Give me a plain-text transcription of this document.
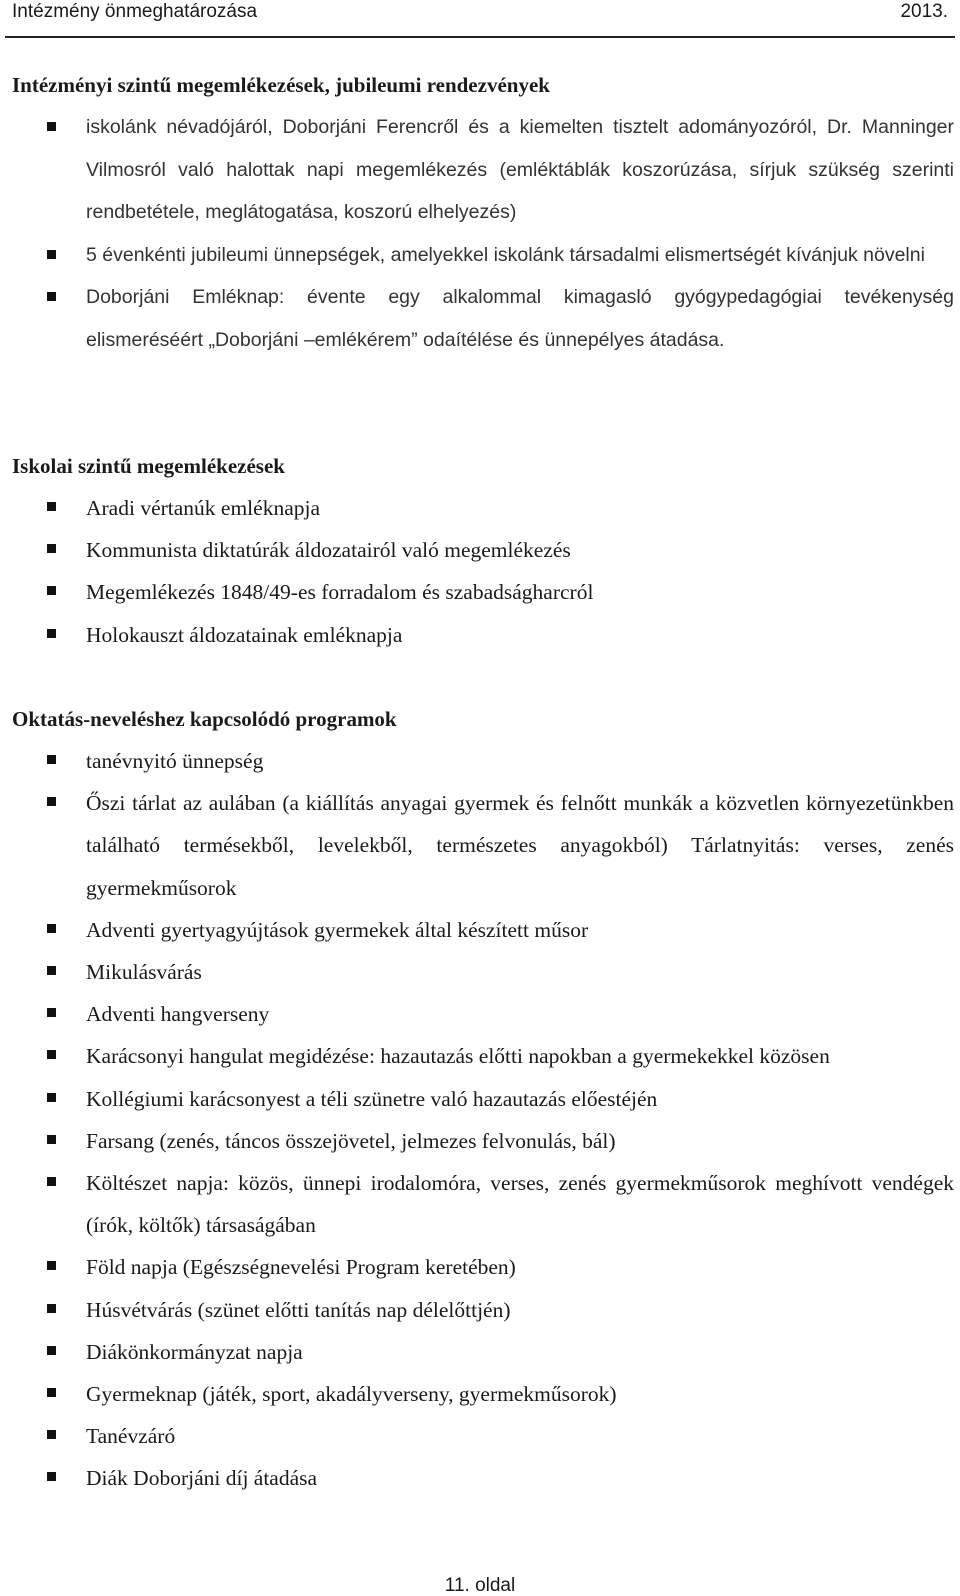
Intézmény önmeghatározása	2013.
Intézményi szintű megemlékezések, jubileumi rendezvények
iskolánk névadójáról, Doborjáni Ferencről és a kiemelten tisztelt adományozóról, Dr. Manninger Vilmosról való halottak napi megemlékezés (emléktáblák koszorúzása, sírjuk szükség szerinti rendbetétele, meglátogatása, koszorú elhelyezés)
5 évenkénti jubileumi ünnepségek, amelyekkel iskolánk társadalmi elismertségét kívánjuk növelni
Doborjáni Emléknap: évente egy alkalommal kimagasló gyógypedagógiai tevékenység elismeréséért „Doborjáni –emlékérem” odaítélése és ünnepélyes átadása.
Iskolai szintű megemlékezések
Aradi vértanúk emléknapja
Kommunista diktatúrák áldozatairól való megemlékezés
Megemlékezés 1848/49-es forradalom és szabadságharcról
Holokauszt áldozatainak emléknapja
Oktatás-neveléshez kapcsolódó programok
tanévnyitó ünnepség
Őszi tárlat az aulában (a kiállítás anyagai gyermek és felnőtt munkák a közvetlen környezetünkben található termésekből, levelekből, természetes anyagokból) Tárlatnyitás: verses, zenés gyermekműsorok
Adventi gyertyagyújtások gyermekek által készített műsor
Mikulásvárás
Adventi hangverseny
Karácsonyi hangulat megidézése: hazautazás előtti napokban a gyermekekkel közösen
Kollégiumi karácsonyest a téli szünetre való hazautazás előestéjén
Farsang (zenés, táncos összejövetel, jelmezes felvonulás, bál)
Költészet napja: közös, ünnepi irodalomóra, verses, zenés gyermekműsorok meghívott vendégek (írók, költők) társaságában
Föld napja (Egészségnevelési Program keretében)
Húsvétvárás (szünet előtti tanítás nap délelőttjén)
Diákönkormányzat napja
Gyermeknap (játék, sport, akadályverseny, gyermekműsorok)
Tanévzáró
Diák Doborjáni díj átadása
11. oldal
